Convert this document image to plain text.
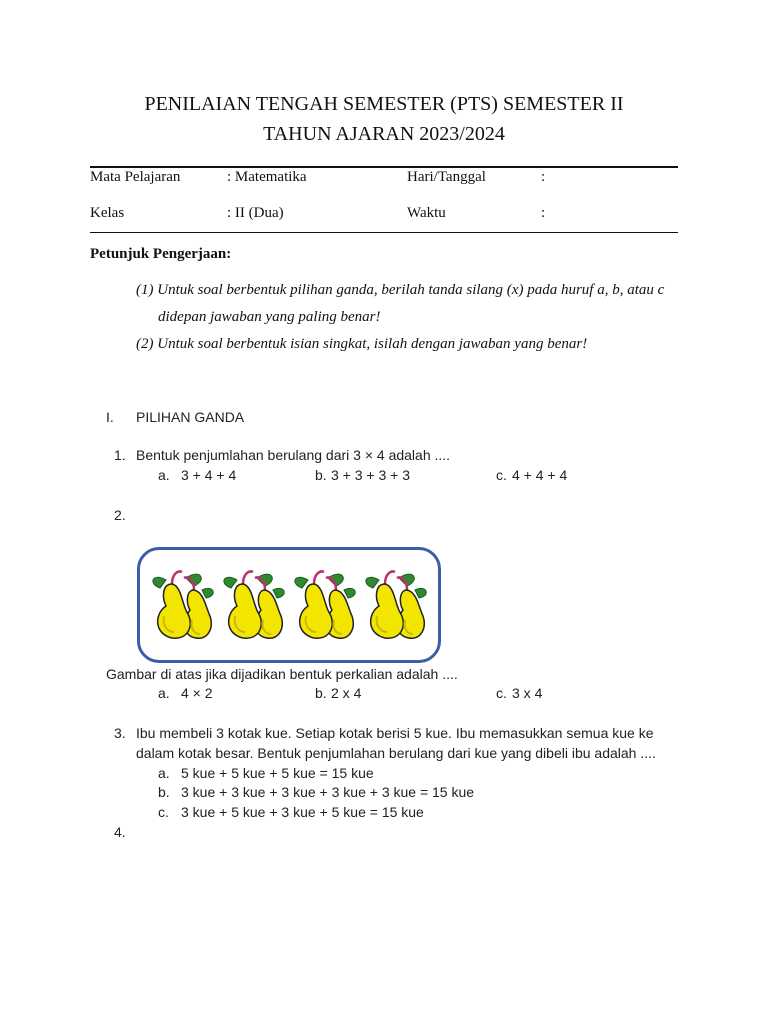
PENILAIAN TENGAH SEMESTER (PTS) SEMESTER II
TAHUN AJARAN 2023/2024
Mata Pelajaran	: Matematika	Hari/Tanggal	:
Kelas	: II (Dua)	Waktu	:
Petunjuk Pengerjaan:
(1) Untuk soal berbentuk pilihan ganda, berilah tanda silang (x) pada huruf a, b, atau c
didepan jawaban yang paling benar!
(2) Untuk soal berbentuk isian singkat, isilah dengan jawaban yang benar!
I. PILIHAN GANDA
1. Bentuk penjumlahan berulang dari 3 × 4 adalah ....
a. 3 + 4 + 4	b. 3 + 3 + 3 + 3	c. 4 + 4 + 4
2.
Gambar di atas jika dijadikan bentuk perkalian adalah ....
a. 4 × 2	b. 2 x 4	c. 3 x 4
3. Ibu membeli 3 kotak kue. Setiap kotak berisi 5 kue. Ibu memasukkan semua kue ke
dalam kotak besar. Bentuk penjumlahan berulang dari kue yang dibeli ibu adalah ....
a. 5 kue + 5 kue + 5 kue = 15 kue
b. 3 kue + 3 kue + 3 kue + 3 kue + 3 kue = 15 kue
c. 3 kue + 5 kue + 3 kue + 5 kue = 15 kue
4.
